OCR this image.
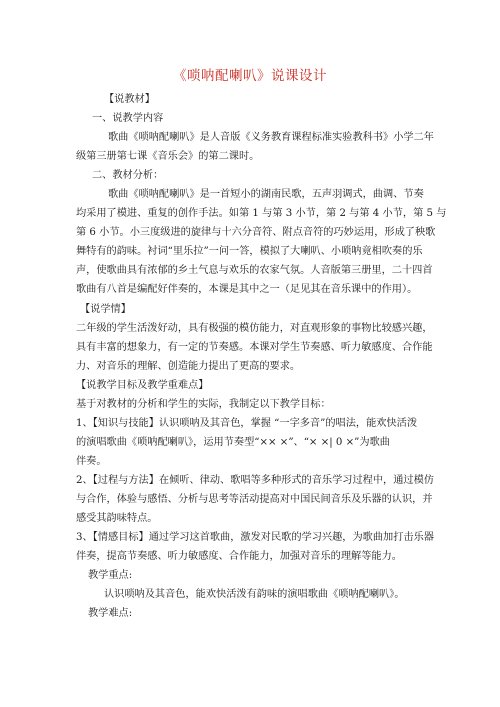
《唢呐配喇叭》说课设计
【说教材】
一、说教学内容
歌曲《唢呐配喇叭》是人音版《义务教育课程标准实验教科书》小学二年
级第三册第七课《音乐会》的第二课时。
二、教材分析：
歌曲《唢呐配喇叭》是一首短小的湖南民歌，五声羽调式，曲调、节奏
均采用了模进、重复的创作手法。如第 1 与第 3 小节，第 2 与第 4 小节，第 5 与
第 6 小节。小三度级进的旋律与十六分音符、附点音符的巧妙运用，形成了秧歌
舞特有的韵味。衬词“里乐拉”一问一答，模拟了大喇叭、小唢呐竟相吹奏的乐
声，使歌曲具有浓郁的乡土气息与欢乐的农家气氛。人音版第三册里，二十四首
歌曲有八首是编配好伴奏的，本课是其中之一（足见其在音乐课中的作用）。
【说学情】
二年级的学生活泼好动，具有极强的模仿能力，对直观形象的事物比较感兴趣，
具有丰富的想象力，有一定的节奏感。本课对学生节奏感、听力敏感度、合作能
力、对音乐的理解、创造能力提出了更高的要求。
【说教学目标及教学重难点】
基于对教材的分析和学生的实际，我制定以下教学目标：
1、【知识与技能】认识唢呐及其音色，掌握 “一字多音”的唱法，能欢快活泼
的演唱歌曲《唢呐配喇叭》，运用节奏型“×× ×”、“× ×| 0 ×”为歌曲
伴奏。
2、【过程与方法】在倾听、律动、歌唱等多种形式的音乐学习过程中，通过模仿
与合作，体验与感悟、分析与思考等活动提高对中国民间音乐及乐器的认识，并
感受其韵味特点。
3、【情感目标】通过学习这首歌曲，激发对民歌的学习兴趣，为歌曲加打击乐器
伴奏，提高节奏感、听力敏感度、合作能力，加强对音乐的理解等能力。
教学重点:
认识唢呐及其音色，能欢快活泼有韵味的演唱歌曲《唢呐配喇叭》。
教学难点:
